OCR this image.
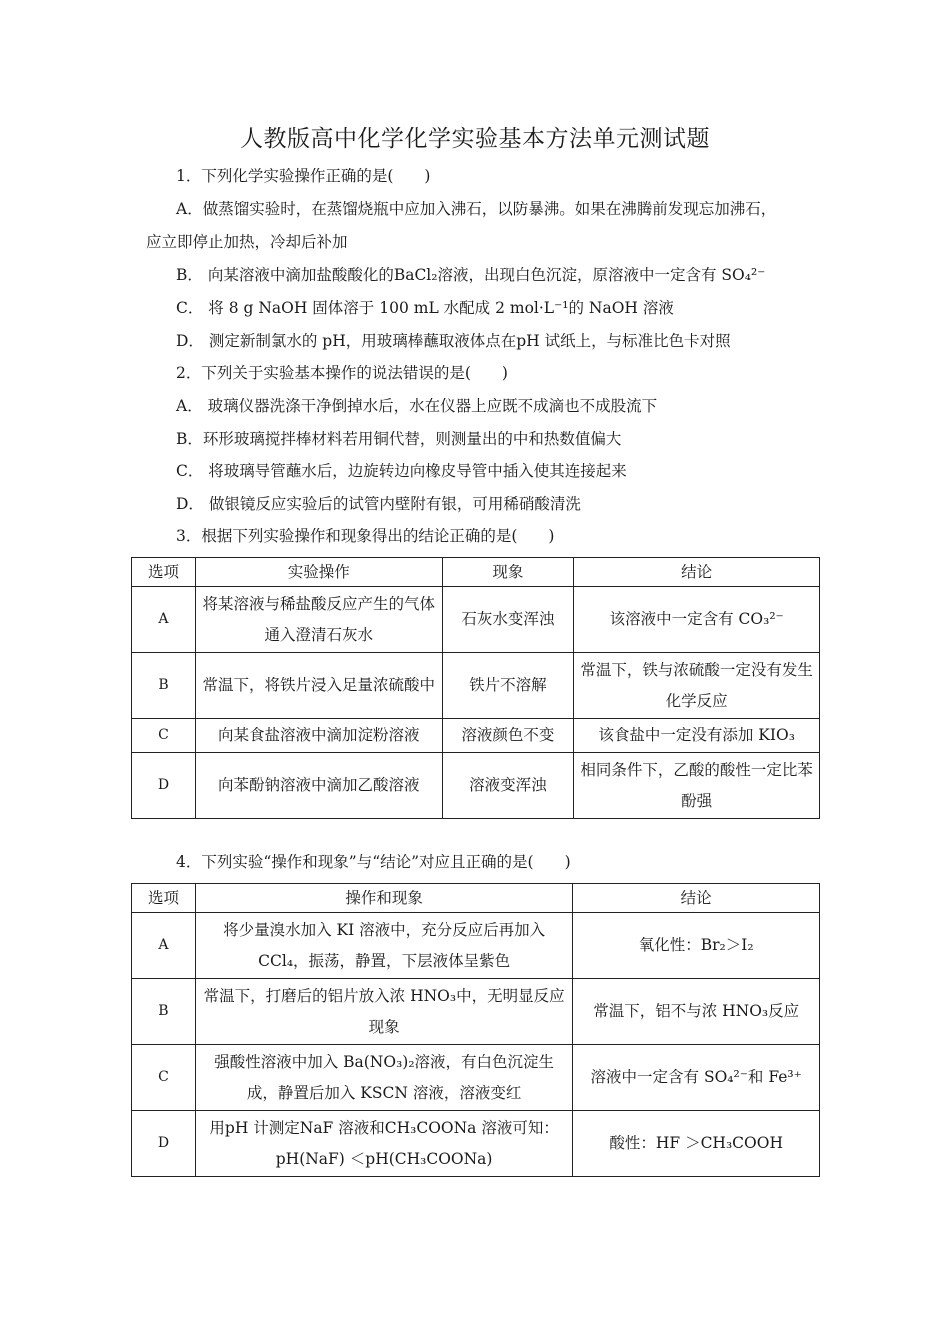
人教版高中化学化学实验基本方法单元测试题
1．下列化学实验操作正确的是(　　)
A．做蒸馏实验时，在蒸馏烧瓶中应加入沸石，以防暴沸。如果在沸腾前发现忘加沸石，
应立即停止加热，冷却后补加
B． 向某溶液中滴加盐酸酸化的BaCl₂溶液，出现白色沉淀，原溶液中一定含有 SO₄²⁻
C． 将 8 g NaOH 固体溶于 100 mL 水配成 2 mol·L⁻¹的 NaOH 溶液
D． 测定新制氯水的 pH，用玻璃棒蘸取液体点在pH 试纸上，与标准比色卡对照
2．下列关于实验基本操作的说法错误的是(　　)
A． 玻璃仪器洗涤干净倒掉水后，水在仪器上应既不成滴也不成股流下
B．环形玻璃搅拌棒材料若用铜代替，则测量出的中和热数值偏大
C． 将玻璃导管蘸水后，边旋转边向橡皮导管中插入使其连接起来
D． 做银镜反应实验后的试管内壁附有银，可用稀硝酸清洗
3．根据下列实验操作和现象得出的结论正确的是(　　)
选项	实验操作	现象	结论
A	将某溶液与稀盐酸反应产生的气体通入澄清石灰水	石灰水变浑浊	该溶液中一定含有 CO₃²⁻
B	常温下，将铁片浸入足量浓硫酸中	铁片不溶解	常温下，铁与浓硫酸一定没有发生化学反应
C	向某食盐溶液中滴加淀粉溶液	溶液颜色不变	该食盐中一定没有添加 KIO₃
D	向苯酚钠溶液中滴加乙酸溶液	溶液变浑浊	相同条件下，乙酸的酸性一定比苯酚强
4．下列实验“操作和现象”与“结论”对应且正确的是(　　)
选项	操作和现象	结论
A	将少量溴水加入 KI 溶液中，充分反应后再加入CCl₄，振荡，静置，下层液体呈紫色	氧化性：Br₂＞I₂
B	常温下，打磨后的铝片放入浓 HNO₃中，无明显反应现象	常温下，铝不与浓 HNO₃反应
C	强酸性溶液中加入 Ba(NO₃)₂溶液，有白色沉淀生成，静置后加入 KSCN 溶液，溶液变红	溶液中一定含有 SO₄²⁻和 Fe³⁺
D	用pH 计测定NaF 溶液和CH₃COONa 溶液可知：pH(NaF) ＜pH(CH₃COONa)	酸性：HF ＞CH₃COOH
